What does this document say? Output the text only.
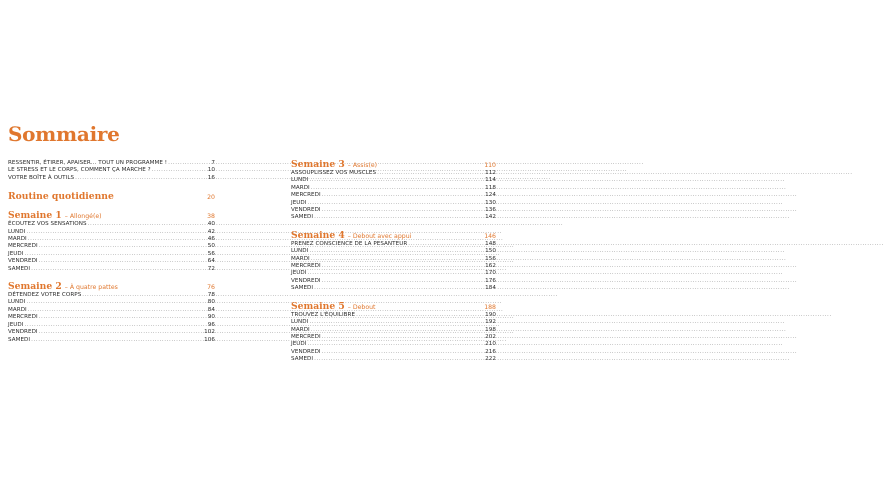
Sommaire
RESSENTIR, ÉTIRER, APAISER… TOUT UN PROGRAMME ! .....	7
LE STRESS ET LE CORPS, COMMENT ÇA MARCHE ? .....	10
VOTRE BOÎTE À OUTILS .....	16
Routine quotidienne	20
Semaine 1 – Allongé(e)	38
ÉCOUTEZ VOS SENSATIONS .....	40
LUNDI .....	42
MARDI .....	46
MERCREDI .....	50
JEUDI .....	56
VENDREDI .....	64
SAMEDI .....	72
Semaine 2 – À quatre pattes	76
DÉTENDEZ VOTRE CORPS .....	78
LUNDI .....	80
MARDI .....	84
MERCREDI .....	90
JEUDI .....	96
VENDREDI .....	102
SAMEDI .....	106
Semaine 3 – Assis(e)	110
ASSOUPLISSEZ VOS MUSCLES .....	112
LUNDI .....	114
MARDI .....	118
MERCREDI .....	124
JEUDI .....	130
VENDREDI .....	136
SAMEDI .....	142
Semaine 4 – Debout avec appui	146
PRENEZ CONSCIENCE DE LA PESANTEUR .....	148
LUNDI .....	150
MARDI .....	156
MERCREDI .....	162
JEUDI .....	170
VENDREDI .....	176
SAMEDI .....	184
Semaine 5 – Debout	188
TROUVEZ L'ÉQUILIBRE .....	190
LUNDI .....	192
MARDI .....	198
MERCREDI .....	202
JEUDI .....	210
VENDREDI .....	216
SAMEDI .....	222
